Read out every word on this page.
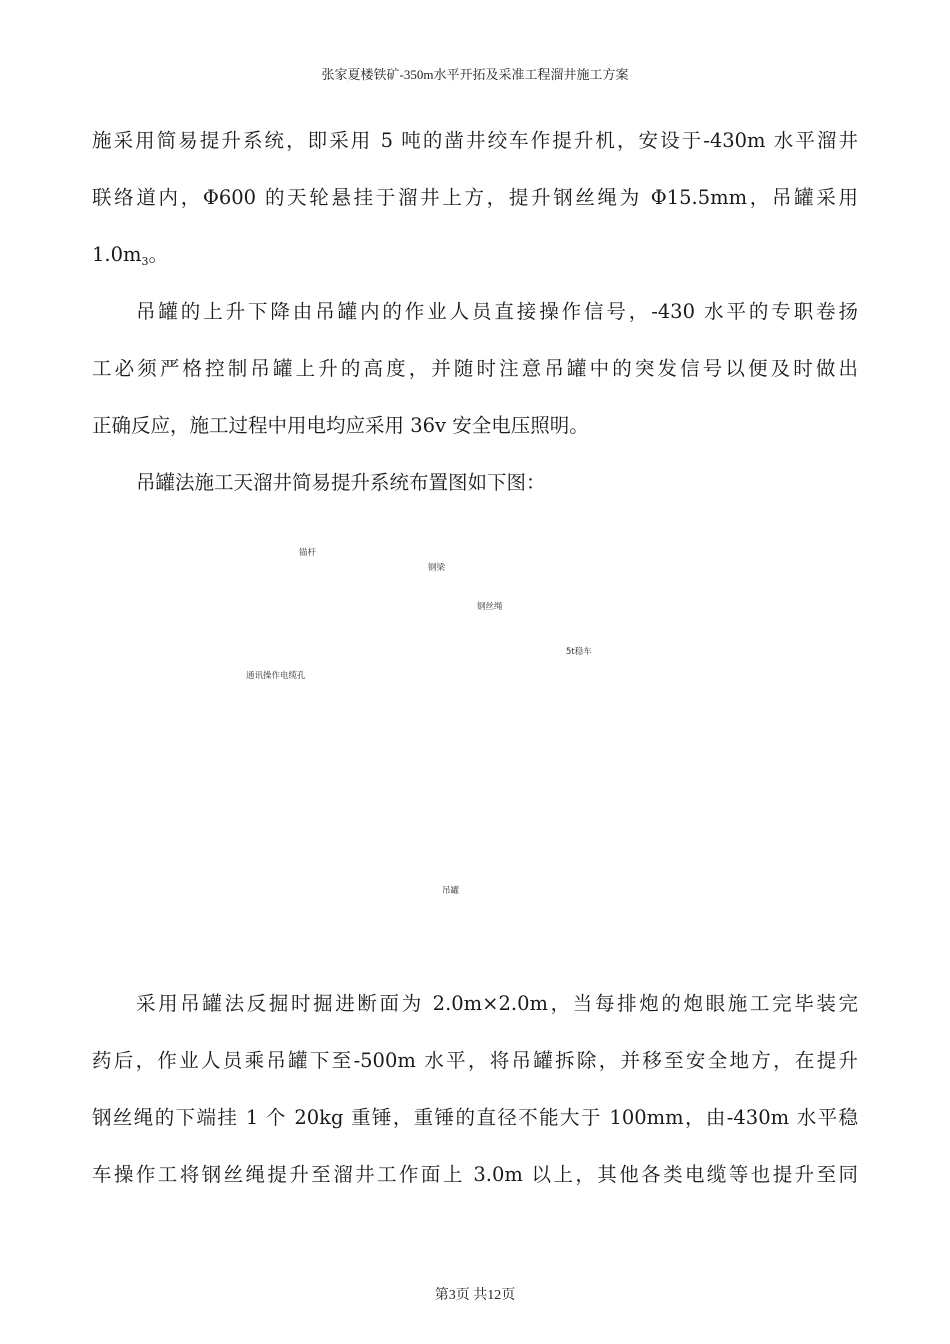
张家夏楼铁矿-350m水平开拓及采准工程溜井施工方案
施采用简易提升系统，即采用 5 吨的凿井绞车作提升机，安设于-430m 水平溜井
联络道内，Φ600 的天轮悬挂于溜井上方，提升钢丝绳为 Φ15.5mm，吊罐采用
$1.0m_3$。
吊罐的上升下降由吊罐内的作业人员直接操作信号，-430 水平的专职卷扬
工必须严格控制吊罐上升的高度，并随时注意吊罐中的突发信号以便及时做出
正确反应，施工过程中用电均应采用 36v 安全电压照明。
吊罐法施工天溜井简易提升系统布置图如下图：
锚杆
钢梁
钢丝绳
5t稳车
通讯操作电缆孔
吊罐
采用吊罐法反掘时掘进断面为 2.0m×2.0m，当每排炮的炮眼施工完毕装完
药后，作业人员乘吊罐下至-500m 水平，将吊罐拆除，并移至安全地方，在提升
钢丝绳的下端挂 1 个 20kg 重锤，重锤的直径不能大于 100mm，由-430m 水平稳
车操作工将钢丝绳提升至溜井工作面上 3.0m 以上，其他各类电缆等也提升至同
第3页 共12页
